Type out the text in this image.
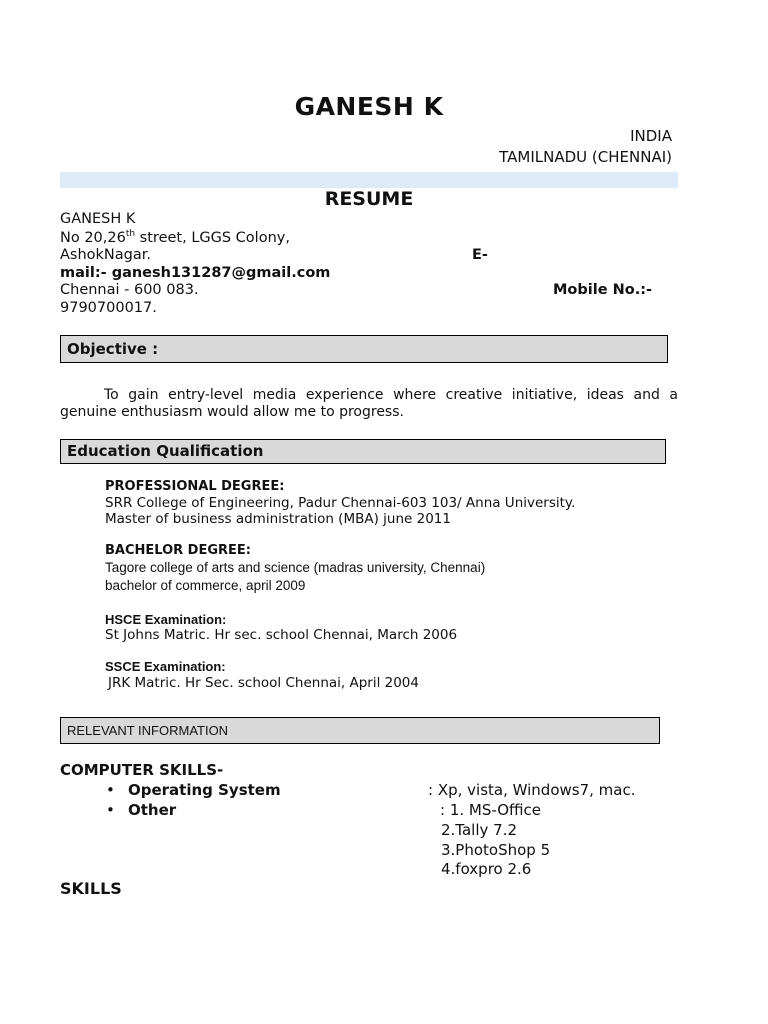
GANESH K
INDIA
TAMILNADU (CHENNAI)
RESUME
GANESH K
No 20,26th street, LGGS Colony,
AshokNagar.	E-
mail:- ganesh131287@gmail.com
Chennai - 600 083.	Mobile No.:-
9790700017.
Objective :
To gain entry-level media experience where creative initiative, ideas and a genuine enthusiasm would allow me to progress.
Education Qualification
PROFESSIONAL DEGREE:
SRR College of Engineering, Padur Chennai-603 103/ Anna University.
Master of business administration (MBA) june 2011
BACHELOR DEGREE:
Tagore college of arts and science (madras university, Chennai)
bachelor of commerce, april 2009
HSCE Examination:
St Johns Matric. Hr sec. school Chennai, March 2006
SSCE Examination:
JRK Matric. Hr Sec. school Chennai, April 2004
RELEVANT INFORMATION
COMPUTER SKILLS-
• Operating System	: Xp, vista, Windows7, mac.
• Other	: 1. MS-Office
2.Tally 7.2
3.PhotoShop 5
4.foxpro 2.6
SKILLS
